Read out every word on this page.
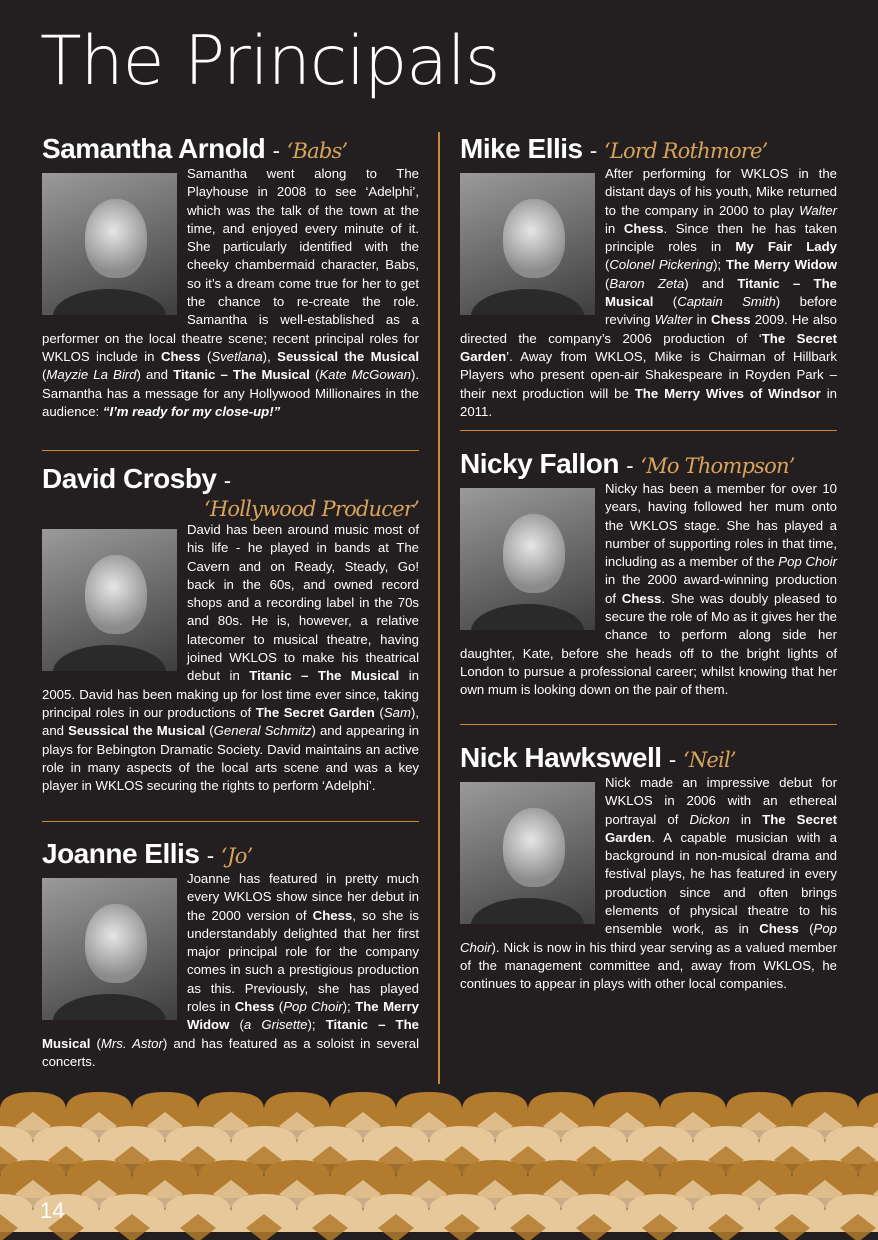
The Principals
Samantha Arnold - ‘Babs’

Samantha went along to The Playhouse in 2008 to see ‘Adelphi’, which was the talk of the town at the time, and enjoyed every minute of it. She particularly identified with the cheeky chambermaid character, Babs, so it’s a dream come true for her to get the chance to re-create the role. Samantha is well-established as a performer on the local theatre scene; recent principal roles for WKLOS include in Chess (Svetlana), Seussical the Musical (Mayzie La Bird) and Titanic – The Musical (Kate McGowan). Samantha has a message for any Hollywood Millionaires in the audience: “I’m ready for my close-up!”

David Crosby -

‘Hollywood Producer’

David has been around music most of his life - he played in bands at The Cavern and on Ready, Steady, Go! back in the 60s, and owned record shops and a recording label in the 70s and 80s. He is, however, a relative latecomer to musical theatre, having joined WKLOS to make his theatrical debut in Titanic – The Musical in 2005. David has been making up for lost time ever since, taking principal roles in our productions of The Secret Garden (Sam), and Seussical the Musical (General Schmitz) and appearing in plays for Bebington Dramatic Society. David maintains an active role in many aspects of the local arts scene and was a key player in WKLOS securing the rights to perform ‘Adelphi’.

Joanne Ellis - ‘Jo’

Joanne has featured in pretty much every WKLOS show since her debut in the 2000 version of Chess, so she is understandably delighted that her first major principal role for the company comes in such a prestigious production as this. Previously, she has played roles in Chess (Pop Choir); The Merry Widow (a Grisette); Titanic – The Musical (Mrs. Astor) and has featured as a soloist in several concerts.

Mike Ellis - ‘Lord Rothmore’

After performing for WKLOS in the distant days of his youth, Mike returned to the company in 2000 to play Walter in Chess. Since then he has taken principle roles in My Fair Lady (Colonel Pickering); The Merry Widow (Baron Zeta) and Titanic – The Musical (Captain Smith) before reviving Walter in Chess 2009. He also directed the company’s 2006 production of ‘The Secret Garden’. Away from WKLOS, Mike is Chairman of Hillbark Players who present open-air Shakespeare in Royden Park – their next production will be The Merry Wives of Windsor in 2011.

Nicky Fallon - ‘Mo Thompson’

Nicky has been a member for over 10 years, having followed her mum onto the WKLOS stage. She has played a number of supporting roles in that time, including as a member of the Pop Choir in the 2000 award-winning production of Chess. She was doubly pleased to secure the role of Mo as it gives her the chance to perform along side her daughter, Kate, before she heads off to the bright lights of London to pursue a professional career; whilst knowing that her own mum is looking down on the pair of them.

Nick Hawkswell - ‘Neil’

Nick made an impressive debut for WKLOS in 2006 with an ethereal portrayal of Dickon in The Secret Garden. A capable musician with a background in non-musical drama and festival plays, he has featured in every production since and often brings elements of physical theatre to his ensemble work, as in Chess (Pop Choir). Nick is now in his third year serving as a valued member of the management committee and, away from WKLOS, he continues to appear in plays with other local companies.

14
